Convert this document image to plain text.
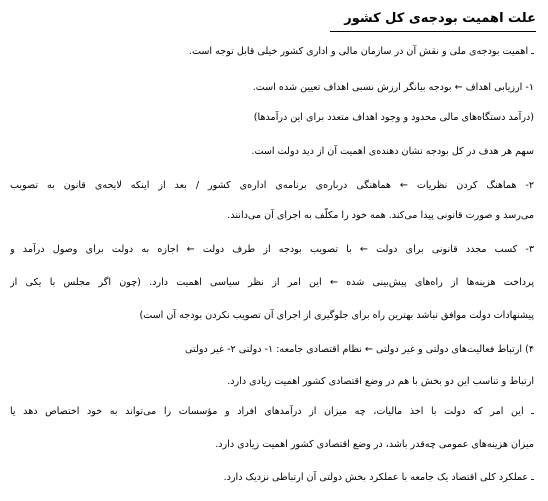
علت اهمیت بودجه‌ی کل کشور
ـ اهمیت بودجه‌ی ملی و نقش آن در سازمان مالی و اداری کشور خیلی قابل توجه است.
۱- ارزیابی اهداف ← بودجه بیانگر ارزش نسبی اهداف تعیین شده است.
(درآمد دستگاه‌های مالی محدود و وجود اهداف متعدد برای این درآمدها)
سهم هر هدف در کل بودجه نشان دهنده‌ی اهمیت آن از دید دولت است.
۲- هماهنگ کردن نظریات ← هماهنگی درباره‌ی برنامه‌ی اداره‌ی کشور / بعد از اینکه لایحه‌ی قانون به تصویب
می‌رسد و صورت قانونی پیدا می‌کند. همه خود را مکلّف به اجرای آن می‌دانند.
۳- کسب مجدد قانونی برای دولت ← با تصویب بودجه از طرف دولت ← اجازه به دولت برای وصول درآمد و
پرداخت هزینه‌ها از راه‌های پیش‌بینی شده ← این امر از نظر سیاسی اهمیت دارد. (چون اگر مجلس با یکی از
پیشنهادات دولت موافق نباشد بهترین راه برای جلوگیری از اجرای آن تصویب نکردن بودجه آن است)
۴) ارتباط فعالیت‌های دولتی و غیر دولتی ← نظام اقتصادی جامعه: ۱- دولتی ۲- غیر دولتی
ارتباط و تناسب این دو بخش با هم در وضع اقتصادی کشور اهمیت زیادی دارد.
ـ این امر که دولت با اخذ مالیات، چه میزان از درآمدهای افراد و مؤسسات را می‌تواند به خود اختصاص دهد یا
میزان هزینه‌های عمومی چه‌قدر باشد، در وضع اقتصادی کشور اهمیت زیادی دارد.
ـ عملکرد کلی اقتصاد یک جامعه با عملکرد بخش دولتی آن ارتباطی نزدیک دارد.
